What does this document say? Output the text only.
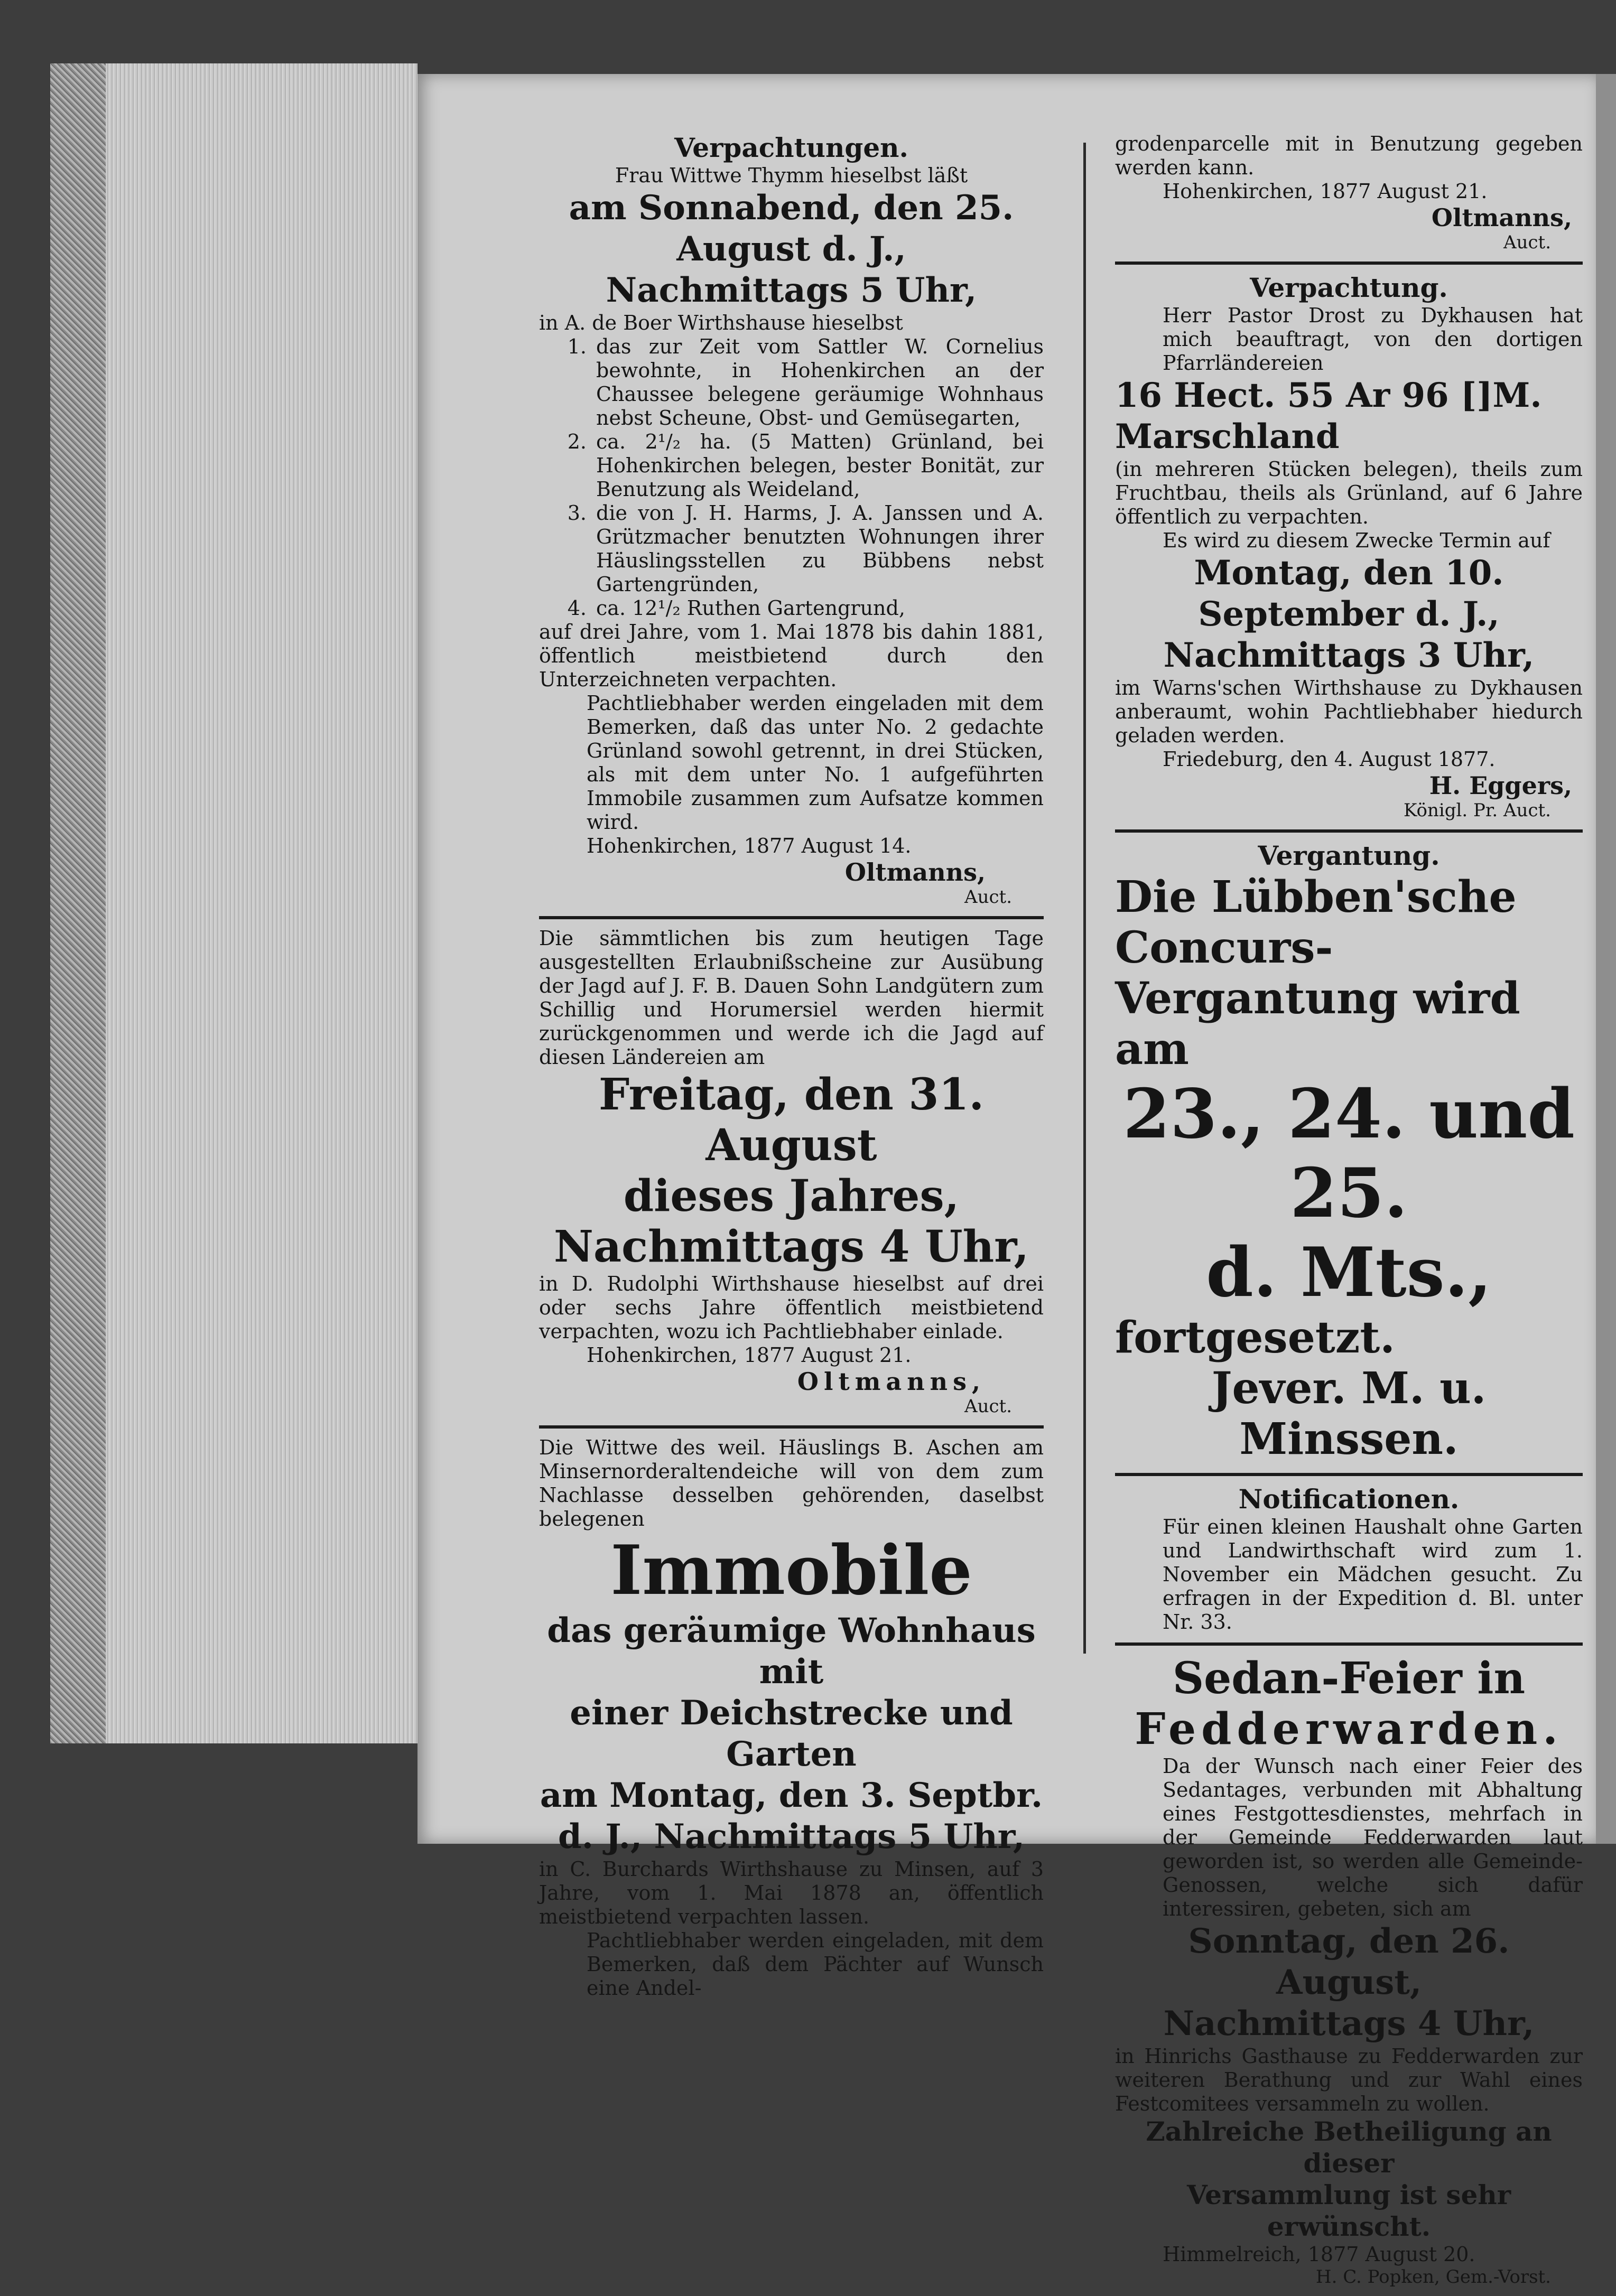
Verpachtungen.
Frau Wittwe Thymm hieselbst läßt
am Sonnabend, den 25. August d. J.,
Nachmittags 5 Uhr,
in A. de Boer Wirthshause hieselbst
1. das zur Zeit vom Sattler W. Cornelius bewohnte, in Hohenkirchen an der Chaussee belegene geräumige Wohnhaus nebst Scheune, Obst- und Gemüsegarten,
2. ca. 2¹/₂ ha. (5 Matten) Grünland, bei Hohenkirchen belegen, bester Bonität, zur Benutzung als Weideland,
3. die von J. H. Harms, J. A. Janssen und A. Grützmacher benutzten Wohnungen ihrer Häuslingsstellen zu Bübbens nebst Gartengründen,
4. ca. 12¹/₂ Ruthen Gartengrund,
auf drei Jahre, vom 1. Mai 1878 bis dahin 1881, öffentlich meistbietend durch den Unterzeichneten verpachten.
Pachtliebhaber werden eingeladen mit dem Bemerken, daß das unter No. 2 gedachte Grünland sowohl getrennt, in drei Stücken, als mit dem unter No. 1 aufgeführten Immobile zusammen zum Aufsatze kommen wird.
Hohenkirchen, 1877 August 14.
Oltmanns,
Auct.
Die sämmtlichen bis zum heutigen Tage ausgestellten Erlaubnißscheine zur Ausübung der Jagd auf J. F. B. Dauen Sohn Landgütern zum Schillig und Horumersiel werden hiermit zurückgenommen und werde ich die Jagd auf diesen Ländereien am
Freitag, den 31. August
dieses Jahres,
Nachmittags 4 Uhr,
in D. Rudolphi Wirthshause hieselbst auf drei oder sechs Jahre öffentlich meistbietend verpachten, wozu ich Pachtliebhaber einlade.
Hohenkirchen, 1877 August 21.
Oltmanns,
Auct.
Die Wittwe des weil. Häuslings B. Aschen am Minsernorderaltendeiche will von dem zum Nachlasse desselben gehörenden, daselbst belegenen
Immobile
das geräumige Wohnhaus mit
einer Deichstrecke und Garten
am Montag, den 3. Septbr.
d. J., Nachmittags 5 Uhr,
in C. Burchards Wirthshause zu Minsen, auf 3 Jahre, vom 1. Mai 1878 an, öffentlich meistbietend verpachten lassen.
Pachtliebhaber werden eingeladen, mit dem Bemerken, daß dem Pächter auf Wunsch eine Andel-
grodenparcelle mit in Benutzung gegeben werden kann.
Hohenkirchen, 1877 August 21.
Oltmanns,
Auct.
Verpachtung.
Herr Pastor Drost zu Dykhausen hat mich beauftragt, von den dortigen Pfarrländereien
16 Hect. 55 Ar 96 []M. Marschland
(in mehreren Stücken belegen), theils zum Fruchtbau, theils als Grünland, auf 6 Jahre öffentlich zu verpachten.
Es wird zu diesem Zwecke Termin auf
Montag, den 10. September d. J.,
Nachmittags 3 Uhr,
im Warns'schen Wirthshause zu Dykhausen anberaumt, wohin Pachtliebhaber hiedurch geladen werden.
Friedeburg, den 4. August 1877.
H. Eggers,
Königl. Pr. Auct.
Vergantung.
Die Lübben'sche Concurs-
Vergantung wird am
23., 24. und 25.
d. Mts.,
fortgesetzt.
Jever. M. u. Minssen.
Notificationen.
Für einen kleinen Haushalt ohne Garten und Landwirthschaft wird zum 1. November ein Mädchen gesucht. Zu erfragen in der Expedition d. Bl. unter Nr. 33.
Sedan-Feier in
Fedderwarden.
Da der Wunsch nach einer Feier des Sedantages, verbunden mit Abhaltung eines Festgottesdienstes, mehrfach in der Gemeinde Fedderwarden laut geworden ist, so werden alle Gemeinde-Genossen, welche sich dafür interessiren, gebeten, sich am
Sonntag, den 26. August,
Nachmittags 4 Uhr,
in Hinrichs Gasthause zu Fedderwarden zur weiteren Berathung und zur Wahl eines Festcomitees versammeln zu wollen.
Zahlreiche Betheiligung an dieser
Versammlung ist sehr erwünscht.
Himmelreich, 1877 August 20.
H. C. Popken, Gem.-Vorst.
